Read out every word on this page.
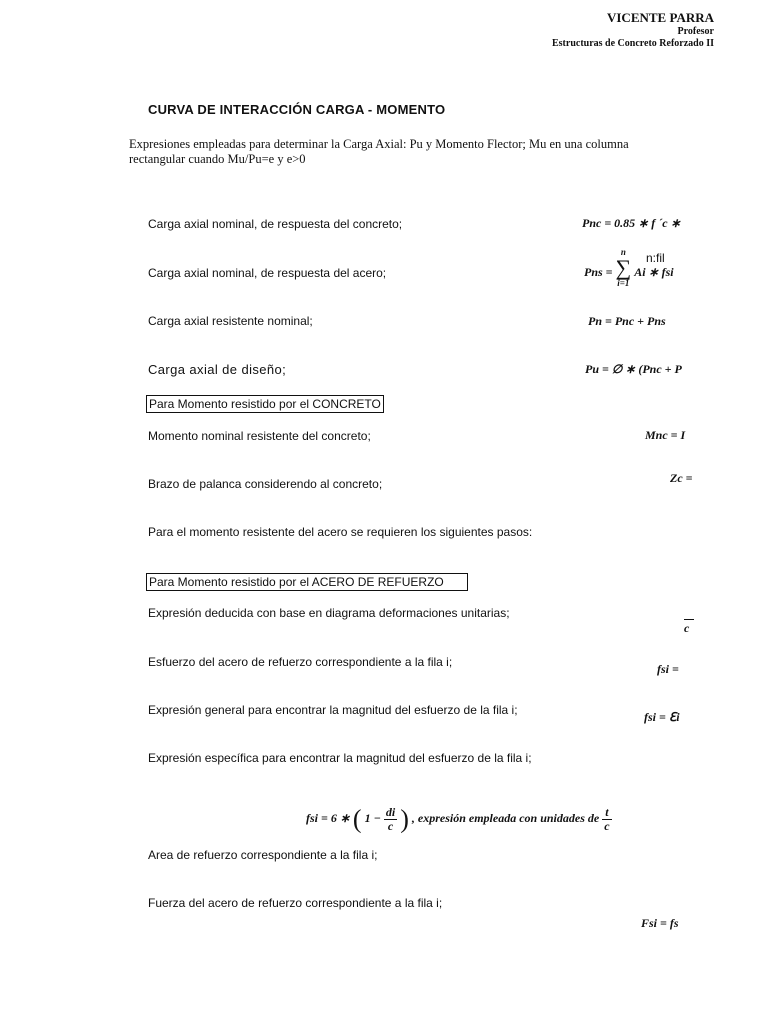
VICENTE PARRA
Profesor
Estructuras de Concreto Reforzado II
CURVA DE INTERACCIÓN CARGA - MOMENTO
Expresiones empleadas para determinar la Carga Axial: Pu y Momento Flector; Mu en una columna rectangular cuando Mu/Pu=e y e>0
Carga axial nominal, de respuesta del concreto;	Pnc = 0.85 ∗ f ´c ∗
Carga axial nominal, de respuesta del acero;	Pns =
n
∑
i=1
Ai ∗ fsi
n:fil
Carga axial resistente nominal;	Pn = Pnc + Pns
Carga axial de diseño;	Pu = ∅ ∗ (Pnc + P
Para Momento resistido por el CONCRETO
Momento nominal resistente del concreto;	Mnc = I
Brazo de palanca considerendo al concreto;	Zc =
Para el momento resistente del acero se requieren los siguientes pasos:
Para Momento resistido por el ACERO DE REFUERZO
Expresión deducida con base en diagrama deformaciones unitarias;
c
Esfuerzo del acero de refuerzo correspondiente a la fila i;	fsi =
Expresión general para encontrar la magnitud del esfuerzo de la fila i;	fsi = ℇi
Expresión específica para encontrar la magnitud del esfuerzo de la fila i;
fsi = 6 ∗ ( $1 - \frac{di}{c}$ ) , expresión empleada con unidades de $\frac{t}{c}$
Area de refuerzo correspondiente a la fila i;
Fuerza del acero de refuerzo correspondiente a la fila i;
Fsi = fs
